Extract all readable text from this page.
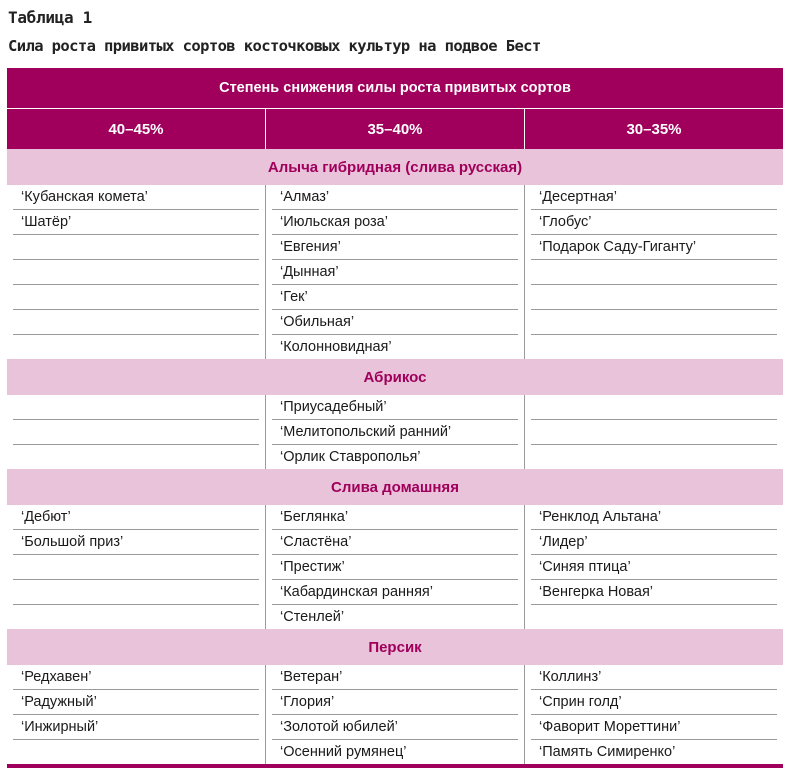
Таблица 1
Сила роста привитых сортов косточковых культур на подвое Бест
Степень снижения силы роста привитых сортов
40–45%	35–40%	30–35%
Алыча гибридная (слива русская)
‘Кубанская комета’
‘Шатёр’
‘Алмаз’
‘Июльская роза’
‘Евгения’
‘Дынная’
‘Гек’
‘Обильная’
‘Колонновидная’
‘Десертная’
‘Глобус’
‘Подарок Саду-Гиганту’
Абрикос
‘Приусадебный’
‘Мелитопольский ранний’
‘Орлик Ставрополья’
Слива домашняя
‘Дебют’
‘Большой приз’
‘Беглянка’
‘Сластёна’
‘Престиж’
‘Кабардинская ранняя’
‘Стенлей’
‘Ренклод Альтана’
‘Лидер’
‘Синяя птица’
‘Венгерка Новая’
Персик
‘Редхавен’
‘Радужный’
‘Инжирный’
‘Ветеран’
‘Глория’
‘Золотой юбилей’
‘Осенний румянец’
‘Коллинз’
‘Сприн голд’
‘Фаворит Мореттини’
‘Память Симиренко’
